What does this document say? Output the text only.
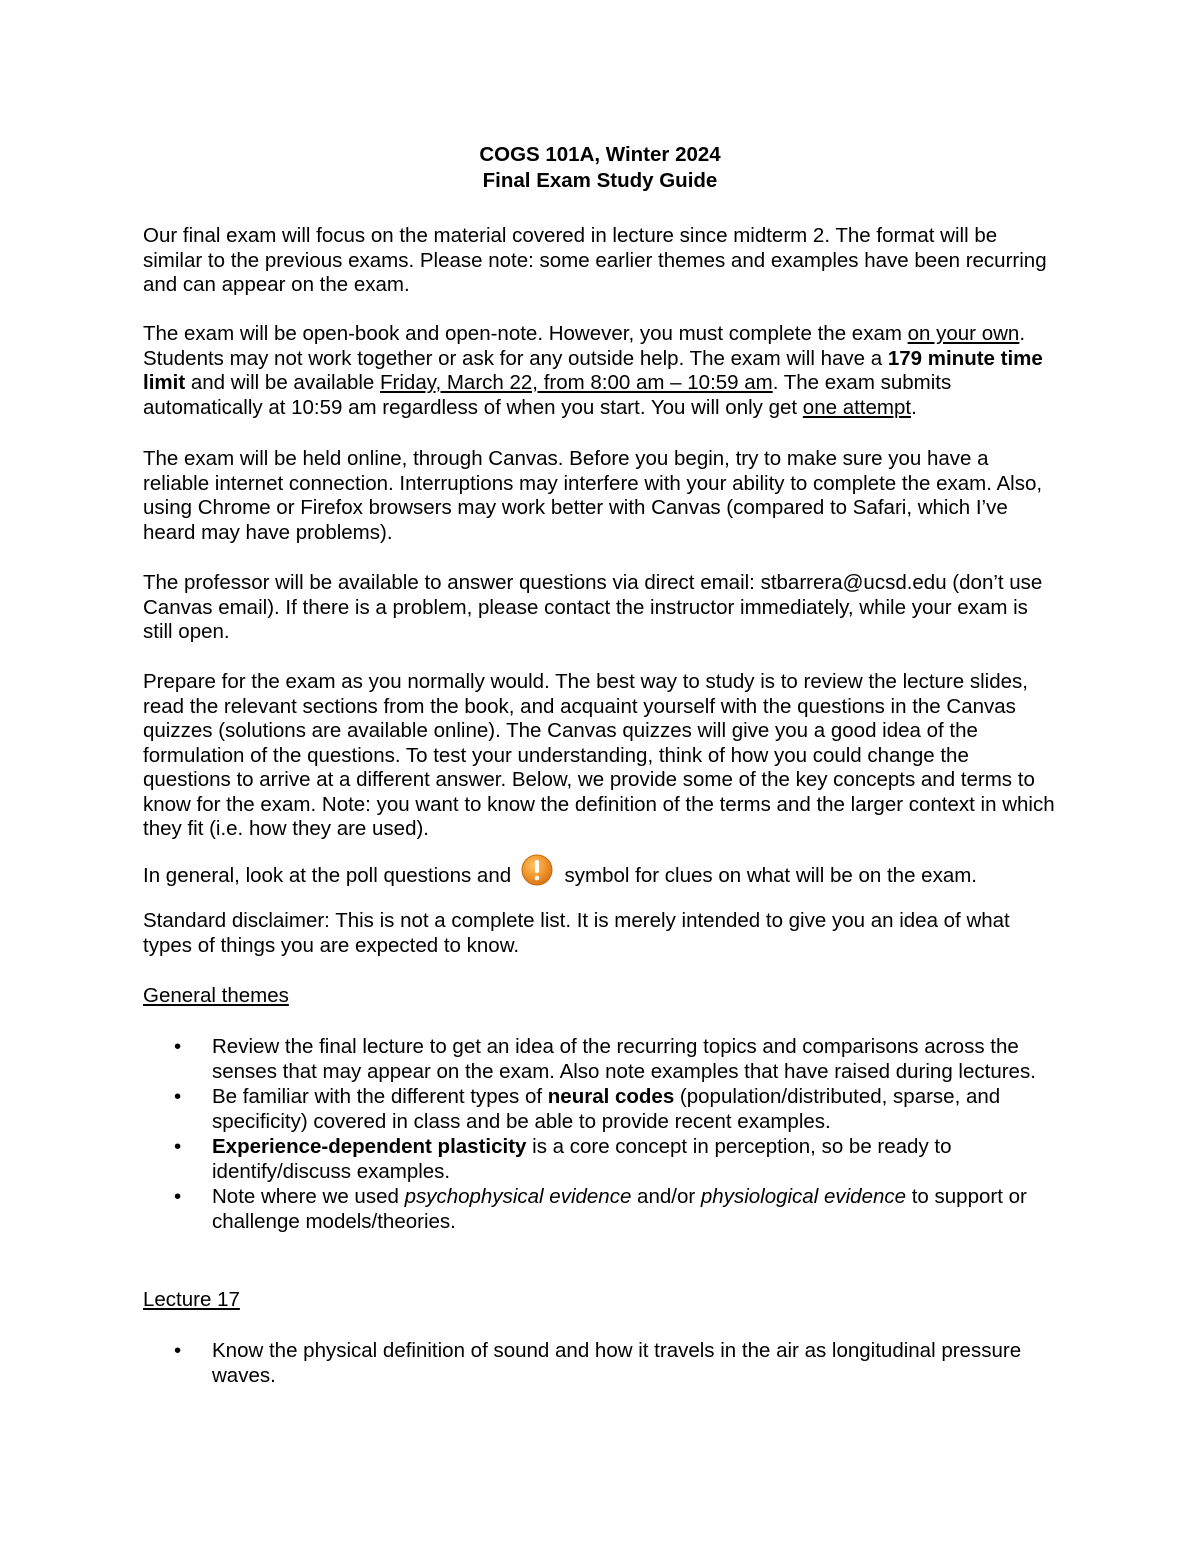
COGS 101A, Winter 2024
Final Exam Study Guide
Our final exam will focus on the material covered in lecture since midterm 2. The format will be similar to the previous exams. Please note: some earlier themes and examples have been recurring and can appear on the exam.
The exam will be open-book and open-note. However, you must complete the exam on your own. Students may not work together or ask for any outside help. The exam will have a 179 minute time limit and will be available Friday, March 22, from 8:00 am – 10:59 am. The exam submits automatically at 10:59 am regardless of when you start. You will only get one attempt.
The exam will be held online, through Canvas. Before you begin, try to make sure you have a reliable internet connection. Interruptions may interfere with your ability to complete the exam. Also, using Chrome or Firefox browsers may work better with Canvas (compared to Safari, which I’ve heard may have problems).
The professor will be available to answer questions via direct email: stbarrera@ucsd.edu (don’t use Canvas email). If there is a problem, please contact the instructor immediately, while your exam is still open.
Prepare for the exam as you normally would. The best way to study is to review the lecture slides, read the relevant sections from the book, and acquaint yourself with the questions in the Canvas quizzes (solutions are available online). The Canvas quizzes will give you a good idea of the formulation of the questions. To test your understanding, think of how you could change the questions to arrive at a different answer. Below, we provide some of the key concepts and terms to know for the exam. Note: you want to know the definition of the terms and the larger context in which they fit (i.e. how they are used).
In general, look at the poll questions and  symbol for clues on what will be on the exam.
Standard disclaimer: This is not a complete list. It is merely intended to give you an idea of what types of things you are expected to know.
General themes
• Review the final lecture to get an idea of the recurring topics and comparisons across the senses that may appear on the exam. Also note examples that have raised during lectures.
• Be familiar with the different types of neural codes (population/distributed, sparse, and specificity) covered in class and be able to provide recent examples.
• Experience-dependent plasticity is a core concept in perception, so be ready to identify/discuss examples.
• Note where we used psychophysical evidence and/or physiological evidence to support or challenge models/theories.
Lecture 17
• Know the physical definition of sound and how it travels in the air as longitudinal pressure waves.
